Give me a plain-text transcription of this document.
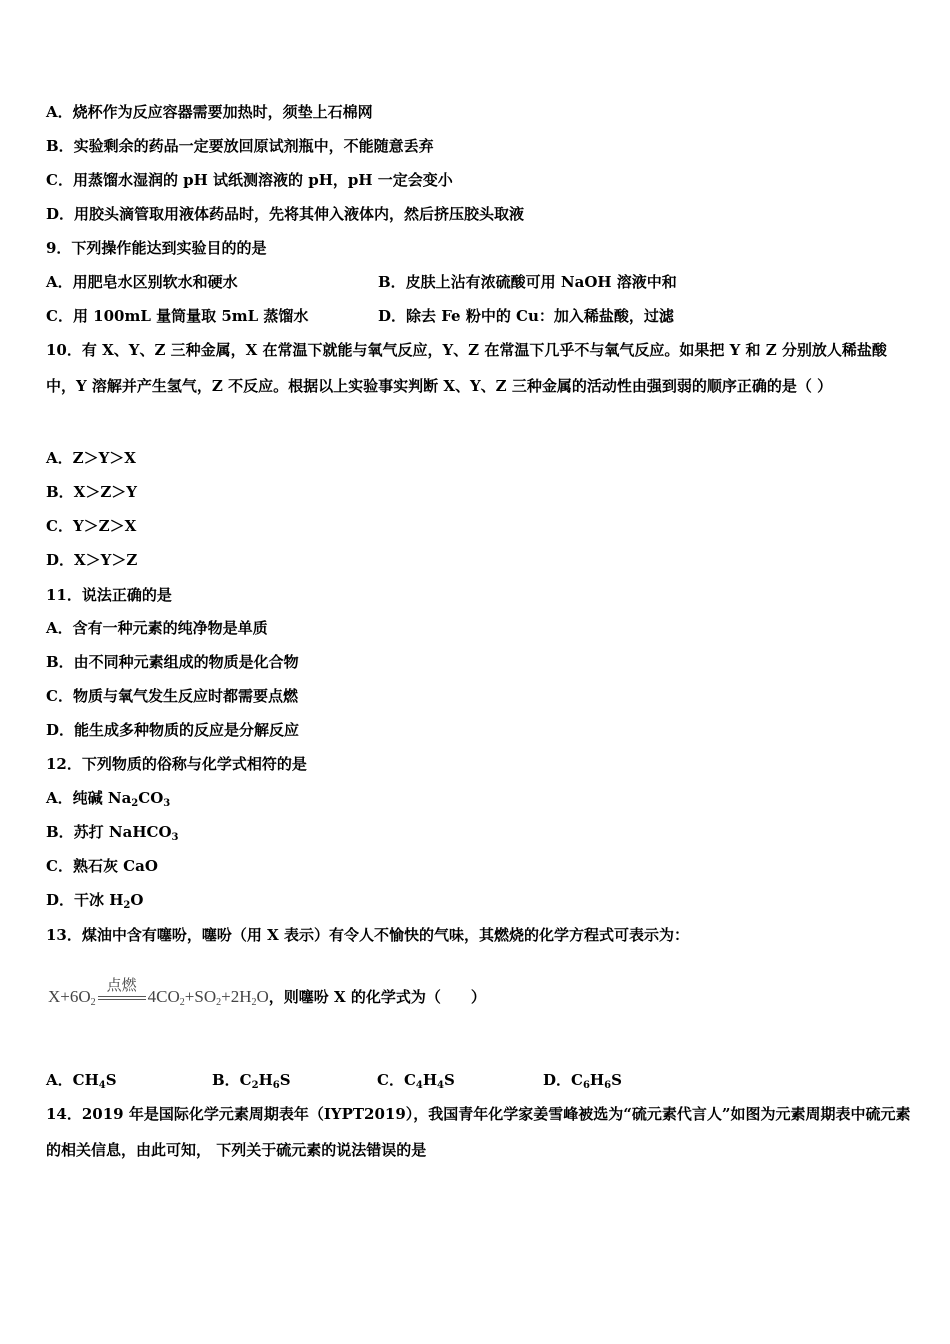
A．烧杯作为反应容器需要加热时，须垫上石棉网
B．实验剩余的药品一定要放回原试剂瓶中，不能随意丢弃
C．用蒸馏水湿润的 pH 试纸测溶液的 pH，pH 一定会变小
D．用胶头滴管取用液体药品时，先将其伸入液体内，然后挤压胶头取液
9．下列操作能达到实验目的的是
A．用肥皂水区别软水和硬水	B．皮肤上沾有浓硫酸可用 NaOH 溶液中和
C．用 100mL 量筒量取 5mL 蒸馏水	D．除去 Fe 粉中的 Cu：加入稀盐酸，过滤
10．有 X、Y、Z 三种金属，X 在常温下就能与氧气反应，Y、Z 在常温下几乎不与氧气反应。如果把 Y 和 Z 分别放人稀盐酸中，Y 溶解并产生氢气，Z 不反应。根据以上实验事实判断 X、Y、Z 三种金属的活动性由强到弱的顺序正确的是（ ）
A．Z＞Y＞X
B．X＞Z＞Y
C．Y＞Z＞X
D．X＞Y＞Z
11．说法正确的是
A．含有一种元素的纯净物是单质
B．由不同种元素组成的物质是化合物
C．物质与氧气发生反应时都需要点燃
D．能生成多种物质的反应是分解反应
12．下列物质的俗称与化学式相符的是
A．纯碱 $Na_2CO_3$
B．苏打 NaHCO$_3$
C．熟石灰 CaO
D．干冰 $H_2O$
13．煤油中含有噻吩，噻吩（用 X 表示）有令人不愉快的气味，其燃烧的化学方程式可表示为：
$X+6O_2$
点燃
$4CO_2+SO_2+2H_2O$，则噻吩 X 的化学式为（　　）
A．$CH_4S$	B．$C_2H_6S$	C．$C_4H_4S$	D．$C_6H_6S$
14．2019 年是国际化学元素周期表年（IYPT2019），我国青年化学家姜雪峰被选为“硫元素代言人”如图为元素周期表中硫元素的相关信息，由此可知， 下列关于硫元素的说法错误的是
